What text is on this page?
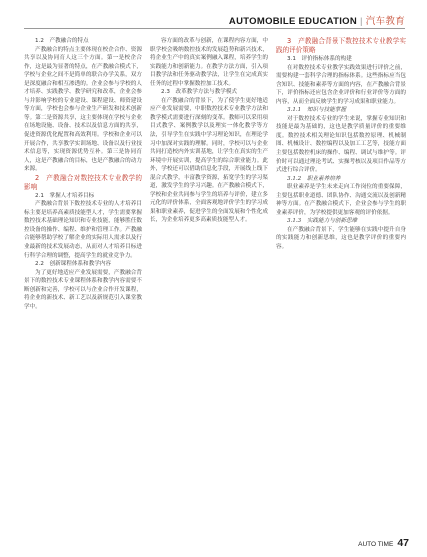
AUTOMOBILE EDUCATION | 汽车教育

1.2　产教融合的特点

产教融合的特点主要体现在校企合作、资源共享以及协同育人这三个方面。第一是校企合作，这是最为显著的特点，在产教融合模式下，学校与企业之间不是简单的联合办学关系，双方是深度融合和相互渗透的。企业会参与学校的人才培养、实践教学、教学研究和改革，企业会参与并影响学校的专业建设、课程建设、师资建设等方面，学校也会参与企业生产研发和技术创新等。第二是资源共享，这主要体现在学校与企业在场地设施、设备、技术以及信息方面的共享，促进资源优化配置和高效利用。学校和企业可以开展合作，共享教学实训场地、设备以及行业技术信息等，实现资源优势互补。第三是协同育人，这是产教融合的目标，也是产教融合的动力来源。

2　产教融合对数控技术专业教学的影响

2.1　掌握人才培养目标

产教融合背景下数控技术专业的人才培养目标主要是培养高素质技能型人才，学生需要掌握数控技术基础理论知识和专业技能，能够胜任数控设备的操作、编程、维护和管理工作。产教融合能够帮助学校了解企业的实际用人需求以及行业最新的技术发展动态，从而对人才培养目标进行科学合理的调整，提高学生的就业竞争力。

2.2　创新课程体系和教学内容

为了更好地适应产业发展需要，产教融合背景下的数控技术专业课程体系和教学内容需要不断创新和完善，学校可以与企业合作开发课程，将企业的新技术、新工艺以及新规范引入课堂教学中。

容方面的改革与创新，在课程内容方面，中职学校会吸纳数控技术的发展趋势和新兴技术，将企业生产中的真实案例融入课程，培养学生的实践能力和创新能力。在教学方法方面，引入项目教学法和任务驱动教学法，让学生在完成真实任务的过程中掌握数控加工技术。

2.3　改革教学方法与教学模式

在产教融合的背景下，为了使学生更好地适应产业发展需要，中职数控技术专业教学方法和教学模式需要进行深刻的变革。教师可以采用项目式教学、案例教学以及理实一体化教学等方法，引导学生在实践中学习理论知识，在理论学习中加深对实践的理解。同时，学校可以与企业共同打造校内外实训基地，让学生在真实的生产环境中开展实训，提高学生的综合职业能力。此外，学校还可以借助信息化手段，开展线上线下混合式教学，丰富教学资源，拓宽学生的学习渠道，激发学生的学习兴趣。在产教融合模式下，学校和企业共同参与学生的培养与评价，建立多元化的评价体系，全面客观地评价学生的学习成果和职业素养，促进学生的全面发展和个性化成长，为企业培养更多高素质技能型人才。

3　产教融合背景下数控技术专业教学实践的评价策略

3.1　评价指标体系的构建

在对数控技术专业教学实践效果进行评价之前，需要构建一套科学合理的指标体系。这些指标应当包含知识、技能和素养等方面的内容，在产教融合背景下，评价指标还应包含企业评价和行业评价等方面的内容，从而全面反映学生的学习成果和职业能力。

3.1.1　知识与技能掌握

对于数控技术专业的学生来说，掌握专业知识和技能是最为基础的，这也是教学质量评价的重要维度。数控技术相关理论知识包括数控原理、机械制图、机械设计、数控编程以及加工工艺等，技能方面主要包括数控机床的操作、编程、调试与维护等。评价时可以通过理论考试、实操考核以及项目作品等方式进行综合评价。

3.1.2　职业素养培养

职业素养是学生未来走向工作岗位的重要保障，主要包括职业道德、团队协作、沟通交流以及创新精神等方面。在产教融合模式下，企业会参与学生的职业素养评价，为学校提供更加客观的评价依据。

3.1.3　实践能力与创新思维

在产教融合背景下，学生能够在实践中提升自身的实践能力和创新思维，这也是教学评价的重要内容。

AUTO TIME 47
